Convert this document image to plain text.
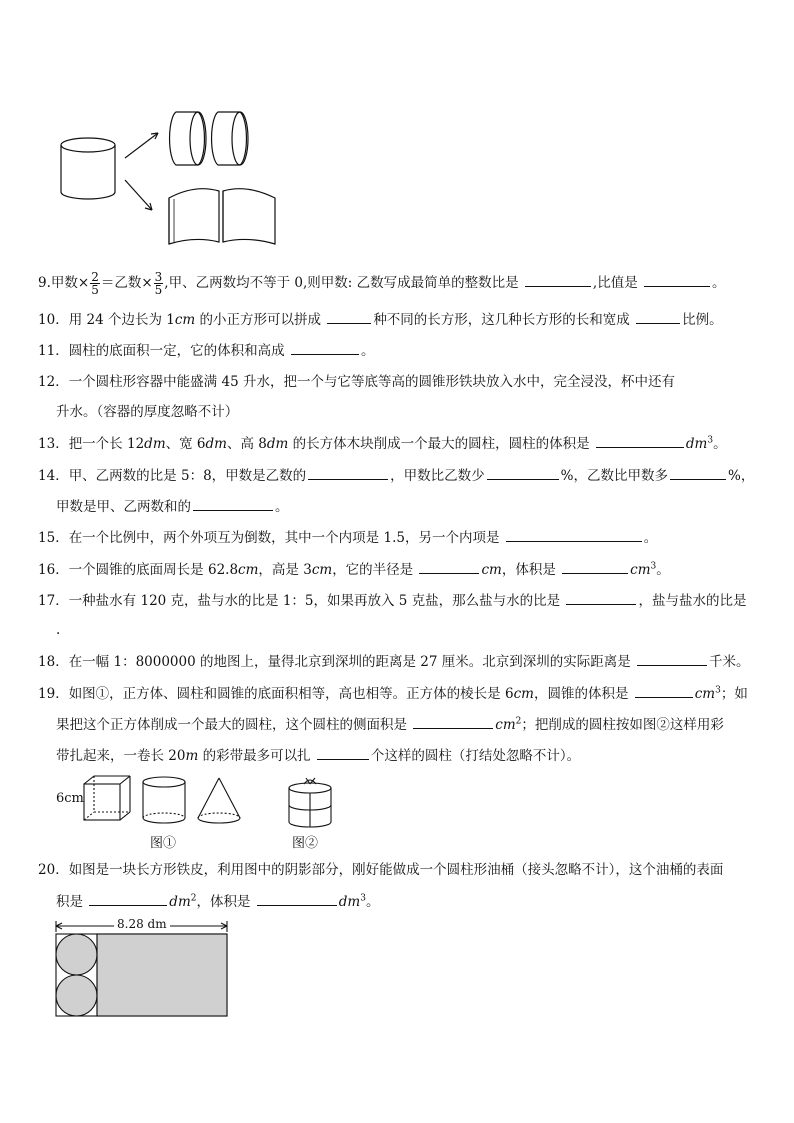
9.甲数× $\frac{2}{5}$ ＝乙数× $\frac{3}{5}$ ,甲、乙两数均不等于 0,则甲数: 乙数写成最简单的整数比是	,比值是	。
10．用 24 个边长为 1cm 的小正方形可以拼成	种不同的长方形，这几种长方形的长和宽成	比例。
11．圆柱的底面积一定，它的体积和高成	。
12．一个圆柱形容器中能盛满 45 升水，把一个与它等底等高的圆锥形铁块放入水中，完全浸没，杯中还有
升水。（容器的厚度忽略不计）
13．把一个长 12dm、宽 6dm、高 8dm 的长方体木块削成一个最大的圆柱，圆柱的体积是	$dm^3$。
14．甲、乙两数的比是 5：8，甲数是乙数的	，甲数比乙数少	%，乙数比甲数多	%，
甲数是甲、乙两数和的	。
15．在一个比例中，两个外项互为倒数，其中一个内项是 1.5，另一个内项是	。
16．一个圆锥的底面周长是 62.8cm，高是 3cm，它的半径是	cm，体积是	$cm^3$。
17．一种盐水有 120 克，盐与水的比是 1：5，如果再放入 5 克盐，那么盐与水的比是	，盐与盐水的比是
.
18．在一幅 1：8000000 的地图上，量得北京到深圳的距离是 27 厘米。北京到深圳的实际距离是	千米。
19．如图①，正方体、圆柱和圆锥的底面积相等，高也相等。正方体的棱长是 6cm，圆锥的体积是	$cm^3$；如
果把这个正方体削成一个最大的圆柱，这个圆柱的侧面积是	$cm^2$；把削成的圆柱按如图②这样用彩
带扎起来，一卷长 20m 的彩带最多可以扎	个这样的圆柱（打结处忽略不计）。
6cm
图①	图②
20．如图是一块长方形铁皮，利用图中的阴影部分，刚好能做成一个圆柱形油桶（接头忽略不计），这个油桶的表面
积是	$dm^2$，体积是	$dm^3$。
8.28 dm
